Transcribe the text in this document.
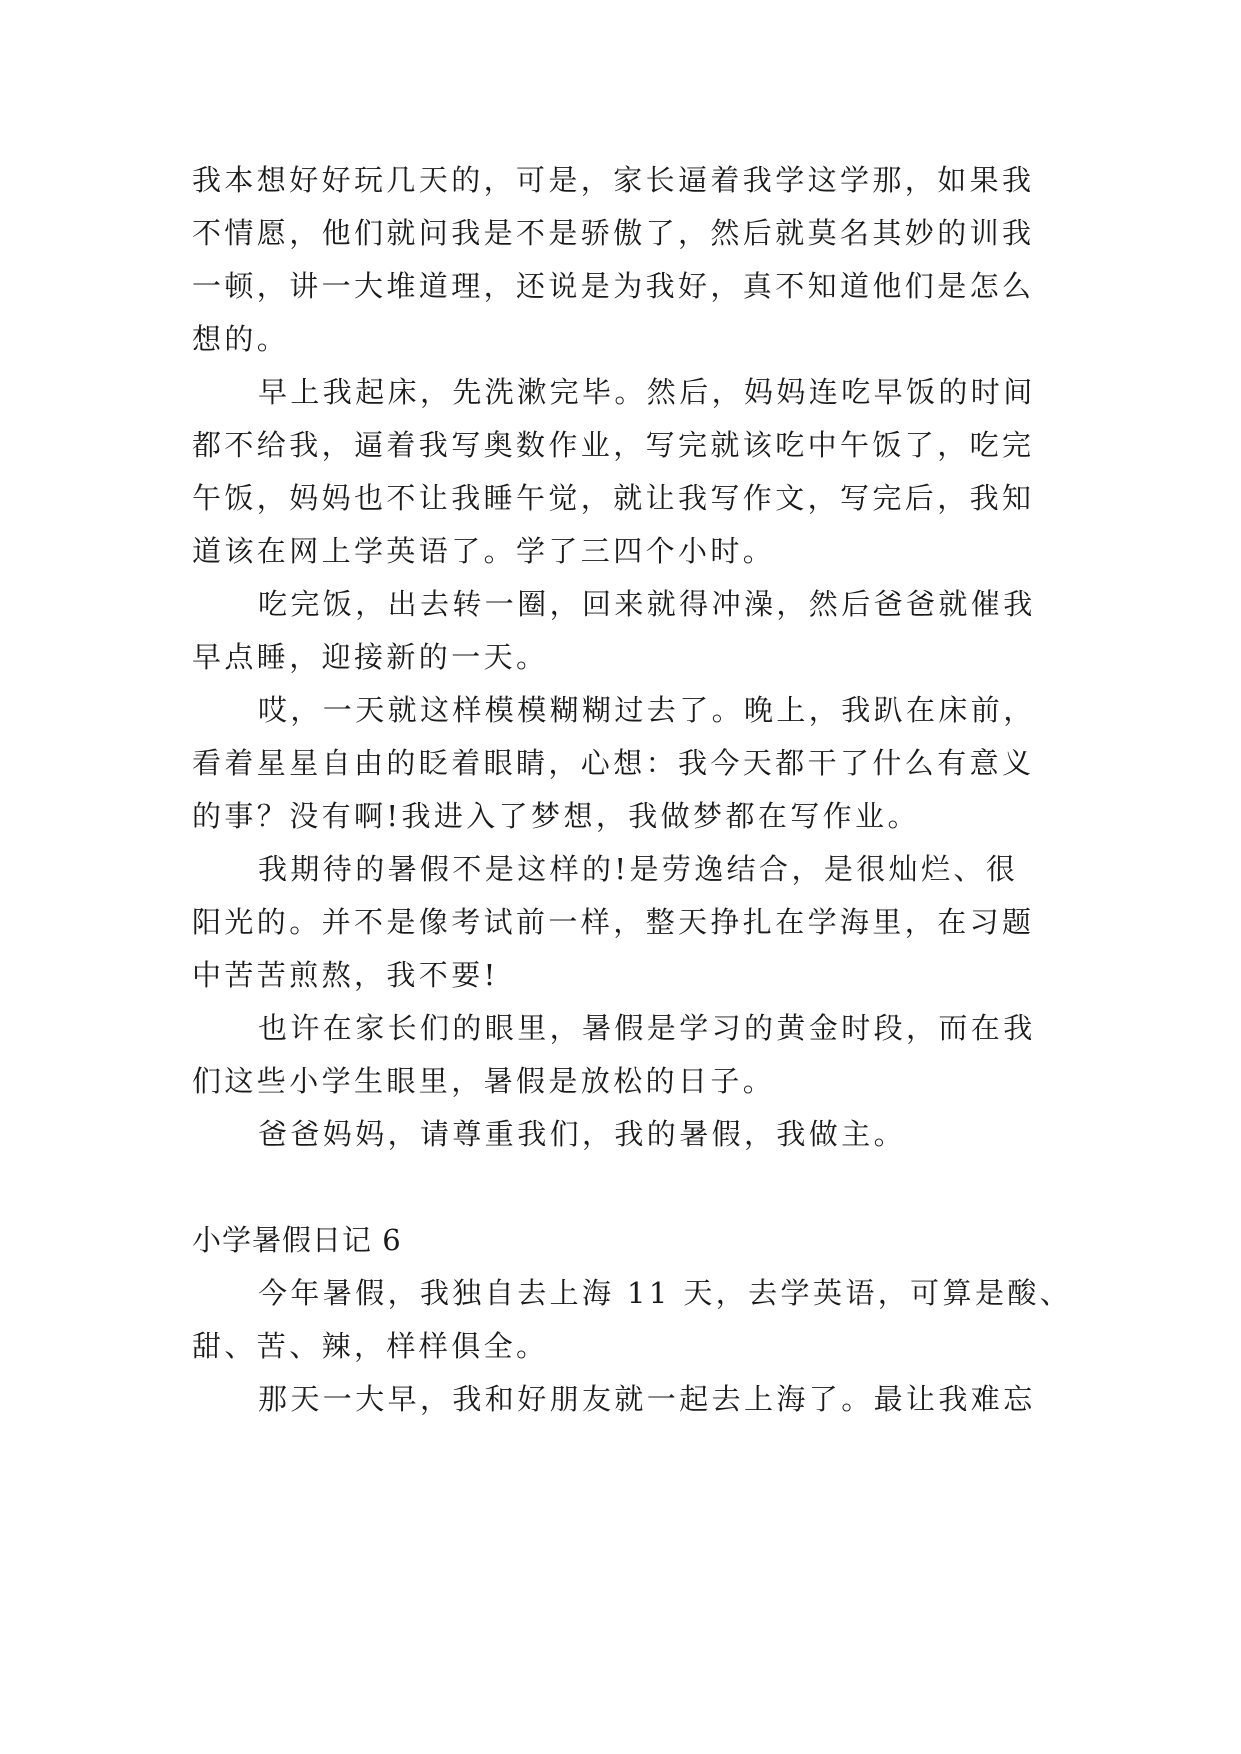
我本想好好玩几天的，可是，家长逼着我学这学那，如果我
不情愿，他们就问我是不是骄傲了，然后就莫名其妙的训我
一顿，讲一大堆道理，还说是为我好，真不知道他们是怎么
想的。
早上我起床，先洗漱完毕。然后，妈妈连吃早饭的时间
都不给我，逼着我写奥数作业，写完就该吃中午饭了，吃完
午饭，妈妈也不让我睡午觉，就让我写作文，写完后，我知
道该在网上学英语了。学了三四个小时。
吃完饭，出去转一圈，回来就得冲澡，然后爸爸就催我
早点睡，迎接新的一天。
哎，一天就这样模模糊糊过去了。晚上，我趴在床前，
看着星星自由的眨着眼睛，心想：我今天都干了什么有意义
的事？没有啊!我进入了梦想，我做梦都在写作业。
我期待的暑假不是这样的!是劳逸结合，是很灿烂、很
阳光的。并不是像考试前一样，整天挣扎在学海里，在习题
中苦苦煎熬，我不要!
也许在家长们的眼里，暑假是学习的黄金时段，而在我
们这些小学生眼里，暑假是放松的日子。
爸爸妈妈，请尊重我们，我的暑假，我做主。
小学暑假日记 6
今年暑假，我独自去上海 11 天，去学英语，可算是酸、
甜、苦、辣，样样俱全。
那天一大早，我和好朋友就一起去上海了。最让我难忘
